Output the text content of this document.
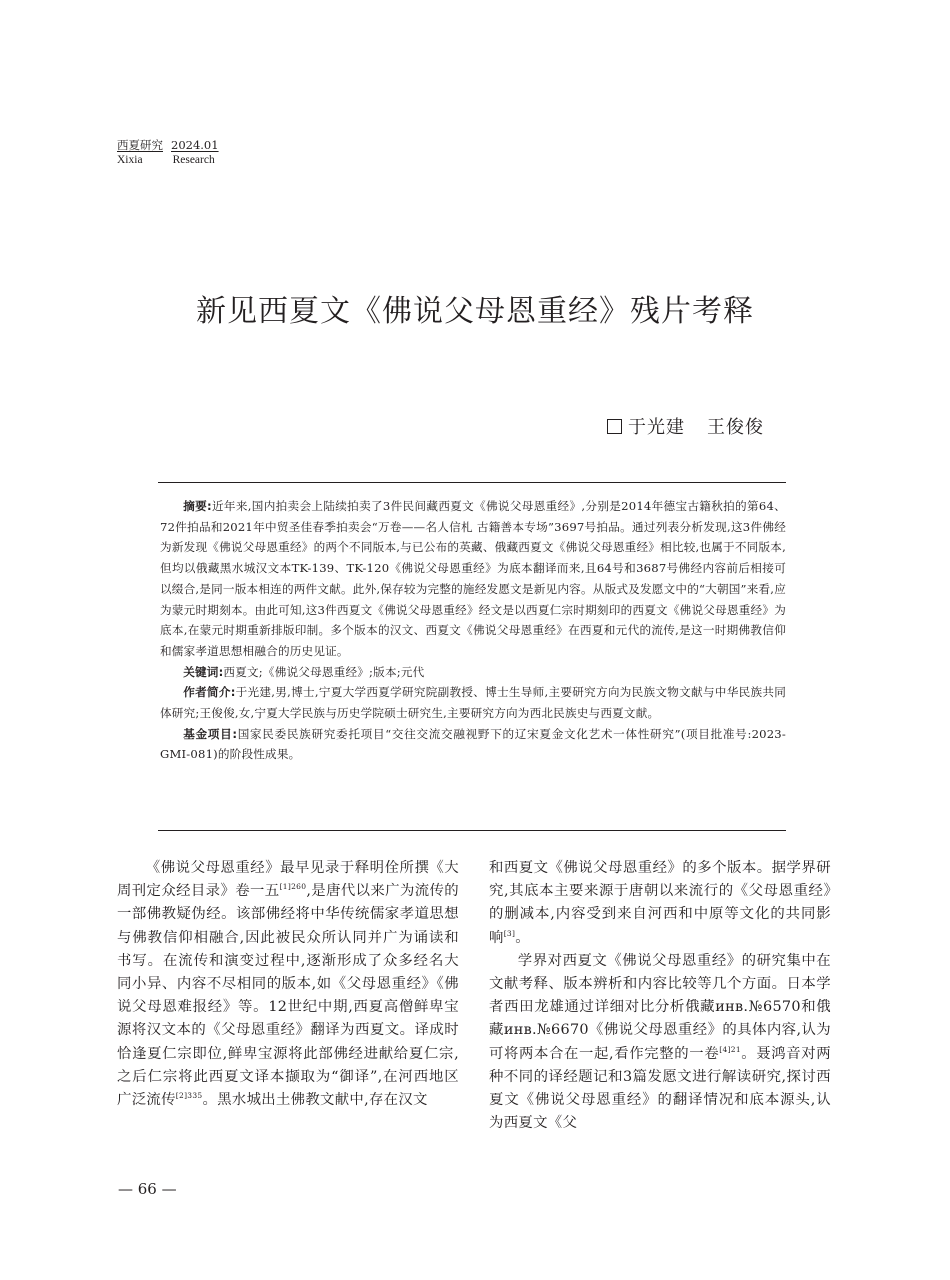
西夏研究 2024.01
Xixia	Research
新见西夏文《佛说父母恩重经》残片考释
于光建 王俊俊

摘要:近年来,国内拍卖会上陆续拍卖了3件民间藏西夏文《佛说父母恩重经》,分别是2014年德宝古籍秋拍的第64、72件拍品和2021年中贸圣佳春季拍卖会“万卷——名人信札 古籍善本专场”3697号拍品。通过列表分析发现,这3件佛经为新发现《佛说父母恩重经》的两个不同版本,与已公布的英藏、俄藏西夏文《佛说父母恩重经》相比较,也属于不同版本,但均以俄藏黑水城汉文本TK-139、TK-120《佛说父母恩重经》为底本翻译而来,且64号和3687号佛经内容前后相接可以缀合,是同一版本相连的两件文献。此外,保存较为完整的施经发愿文是新见内容。从版式及发愿文中的“大朝国”来看,应为蒙元时期刻本。由此可知,这3件西夏文《佛说父母恩重经》经文是以西夏仁宗时期刻印的西夏文《佛说父母恩重经》为底本,在蒙元时期重新排版印制。多个版本的汉文、西夏文《佛说父母恩重经》在西夏和元代的流传,是这一时期佛教信仰和儒家孝道思想相融合的历史见证。

关键词:西夏文;《佛说父母恩重经》;版本;元代

作者简介:于光建,男,博士,宁夏大学西夏学研究院副教授、博士生导师,主要研究方向为民族文物文献与中华民族共同体研究;王俊俊,女,宁夏大学民族与历史学院硕士研究生,主要研究方向为西北民族史与西夏文献。

基金项目:国家民委民族研究委托项目“交往交流交融视野下的辽宋夏金文化艺术一体性研究”(项目批准号:2023-GMI-081)的阶段性成果。

《佛说父母恩重经》最早见录于释明佺所撰《大周刊定众经目录》卷一五$^{[1]260}$,是唐代以来广为流传的一部佛教疑伪经。该部佛经将中华传统儒家孝道思想与佛教信仰相融合,因此被民众所认同并广为诵读和书写。在流传和演变过程中,逐渐形成了众多经名大同小异、内容不尽相同的版本,如《父母恩重经》《佛说父母恩难报经》等。12世纪中期,西夏高僧鲜卑宝源将汉文本的《父母恩重经》翻译为西夏文。译成时恰逢夏仁宗即位,鲜卑宝源将此部佛经进献给夏仁宗,之后仁宗将此西夏文译本撷取为“御译”,在河西地区广泛流传$^{[2]335}$。黑水城出土佛教文献中,存在汉文

和西夏文《佛说父母恩重经》的多个版本。据学界研究,其底本主要来源于唐朝以来流行的《父母恩重经》的删减本,内容受到来自河西和中原等文化的共同影响[3]。

学界对西夏文《佛说父母恩重经》的研究集中在文献考释、版本辨析和内容比较等几个方面。日本学者西田龙雄通过详细对比分析俄藏инв.№6570和俄藏инв.№6670《佛说父母恩重经》的具体内容,认为可将两本合在一起,看作完整的一卷$^{[4]21}$。聂鸿音对两种不同的译经题记和3篇发愿文进行解读研究,探讨西夏文《佛说父母恩重经》的翻译情况和底本源头,认为西夏文《父

— 66 —
